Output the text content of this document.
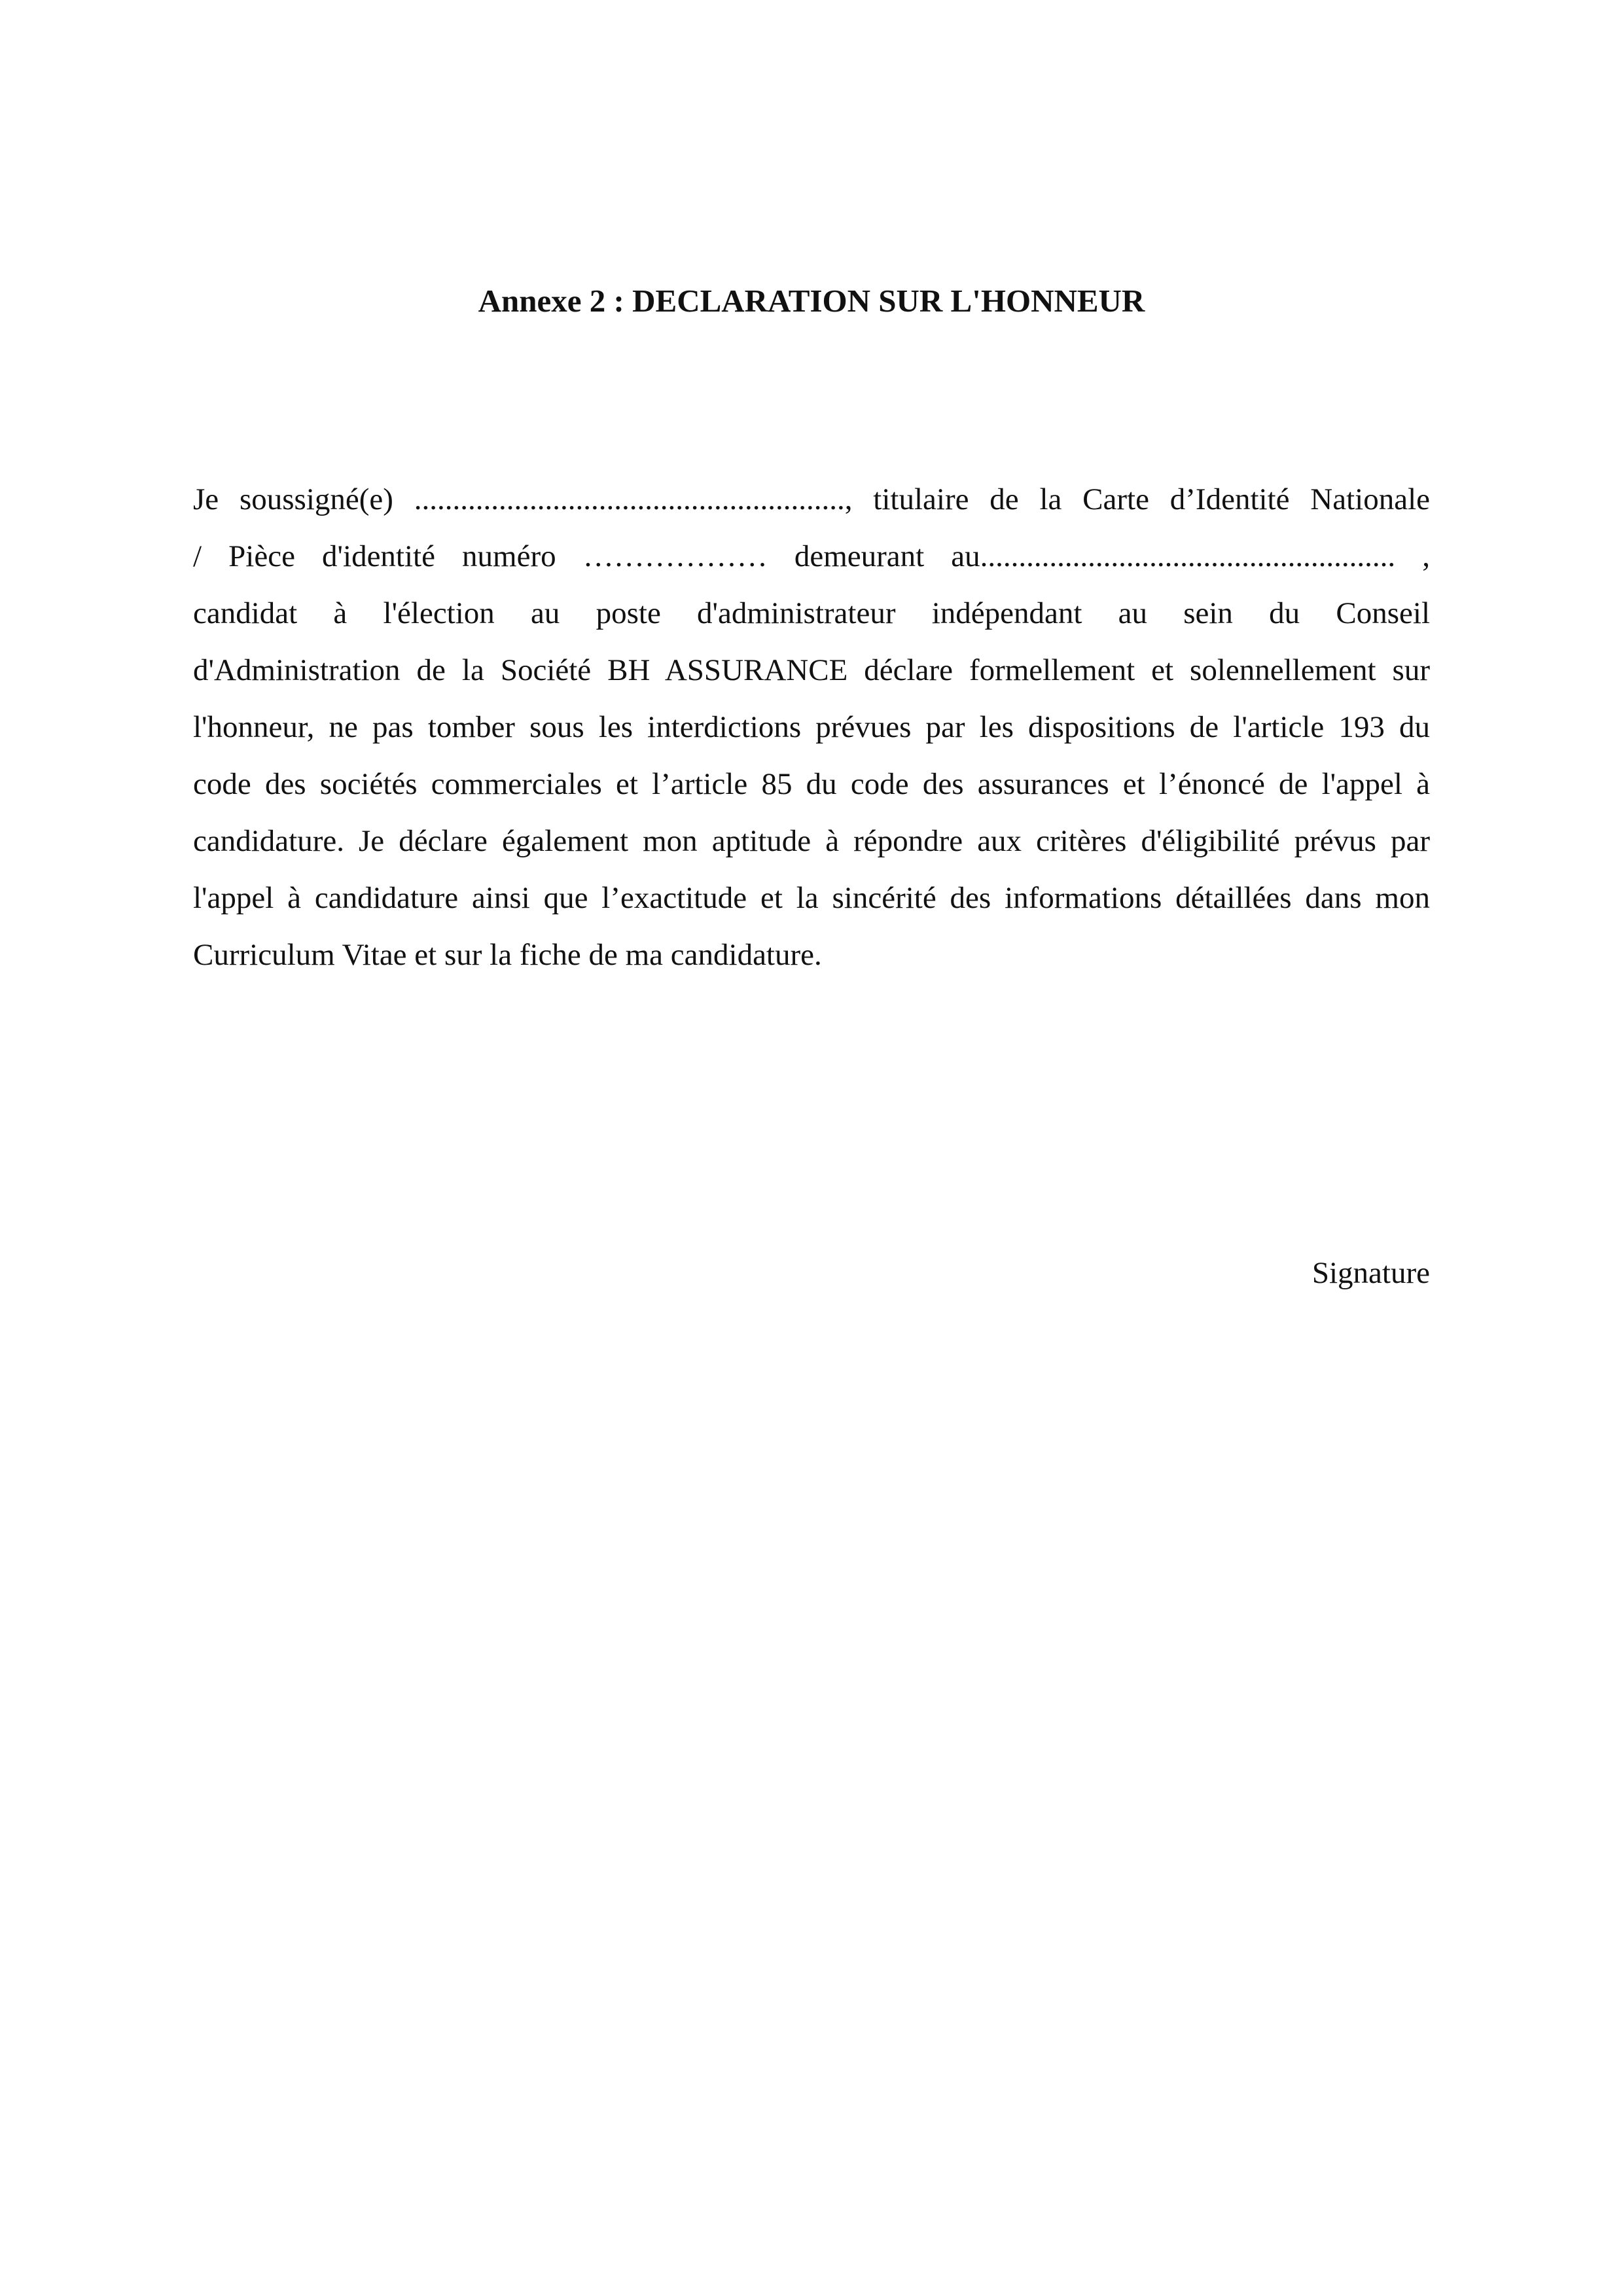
Annexe 2 : DECLARATION SUR L'HONNEUR
Je soussigné(e) ........................................................, titulaire de la Carte d’Identité Nationale
/ Pièce d'identité numéro ……………… demeurant au...................................................... ,
candidat à l'élection au poste d'administrateur indépendant au sein du Conseil
d'Administration de la Société BH ASSURANCE déclare formellement et solennellement sur
l'honneur, ne pas tomber sous les interdictions prévues par les dispositions de l'article 193 du
code des sociétés commerciales et l’article 85 du code des assurances et l’énoncé de l'appel à
candidature. Je déclare également mon aptitude à répondre aux critères d'éligibilité prévus par
l'appel à candidature ainsi que l’exactitude et la sincérité des informations détaillées dans mon
Curriculum Vitae et sur la fiche de ma candidature.

Signature
